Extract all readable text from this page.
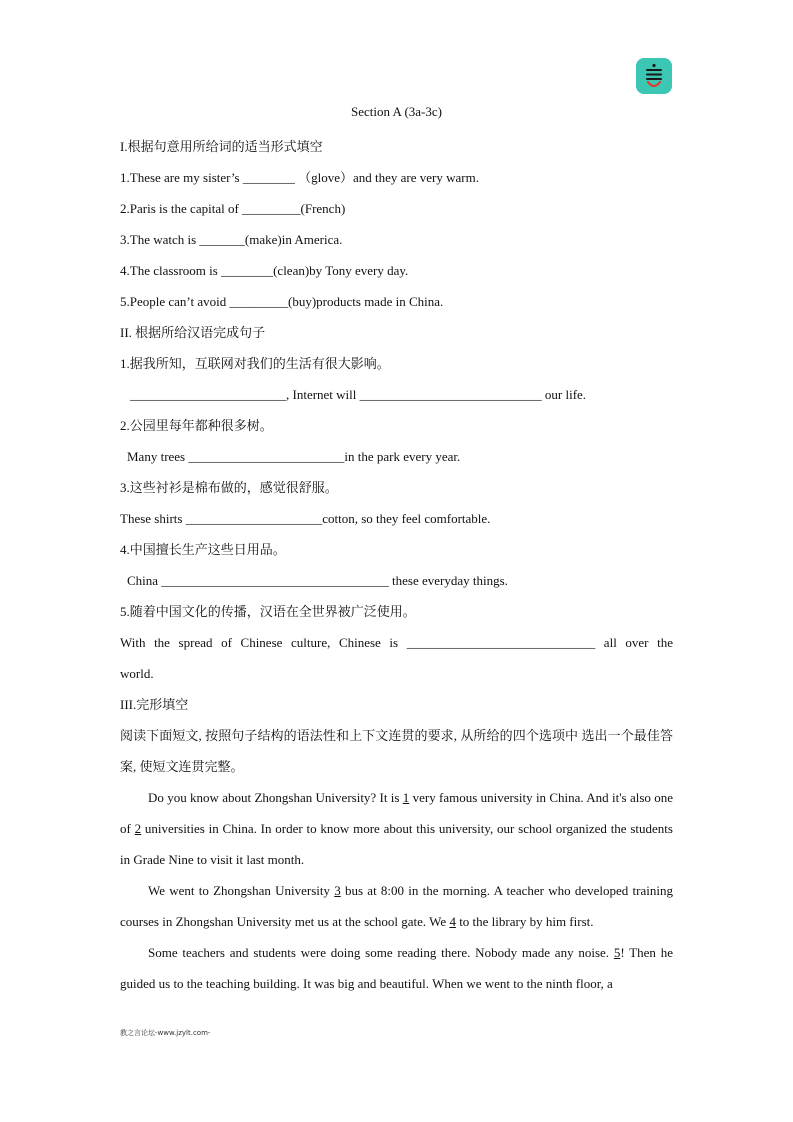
Section A (3a-3c)
I.根据句意用所给词的适当形式填空
1.These are my sister’s ________ （glove）and they are very warm.
2.Paris is the capital of _________(French)
3.The watch is _______(make)in America.
4.The classroom is ________(clean)by Tony every day.
5.People can’t avoid _________(buy)products made in China.
II. 根据所给汉语完成句子
1.据我所知，互联网对我们的生活有很大影响。
________________________, Internet will ____________________________ our life.
2.公园里每年都种很多树。
Many trees ________________________in the park every year.
3.这些衬衫是棉布做的，感觉很舒服。
These shirts _____________________cotton, so they feel comfortable.
4.中国擅长生产这些日用品。
China ___________________________________ these everyday things.
5.随着中国文化的传播，汉语在全世界被广泛使用。
With the spread of Chinese culture, Chinese is _____________________________ all over the
world.
III.完形填空
阅读下面短文, 按照句子结构的语法性和上下文连贯的要求, 从所给的四个选项中 选出一个最佳答案, 使短文连贯完整。
Do you know about Zhongshan University? It is 1 very famous university in China. And it's also one of 2 universities in China. In order to know more about this university, our school organized the students in Grade Nine to visit it last month.
We went to Zhongshan University 3 bus at 8:00 in the morning. A teacher who developed training courses in Zhongshan University met us at the school gate. We 4 to the library by him first.
Some teachers and students were doing some reading there. Nobody made any noise. 5! Then he guided us to the teaching building. It was big and beautiful. When we went to the ninth floor, a
教之言论坛-www.jzylt.com-
